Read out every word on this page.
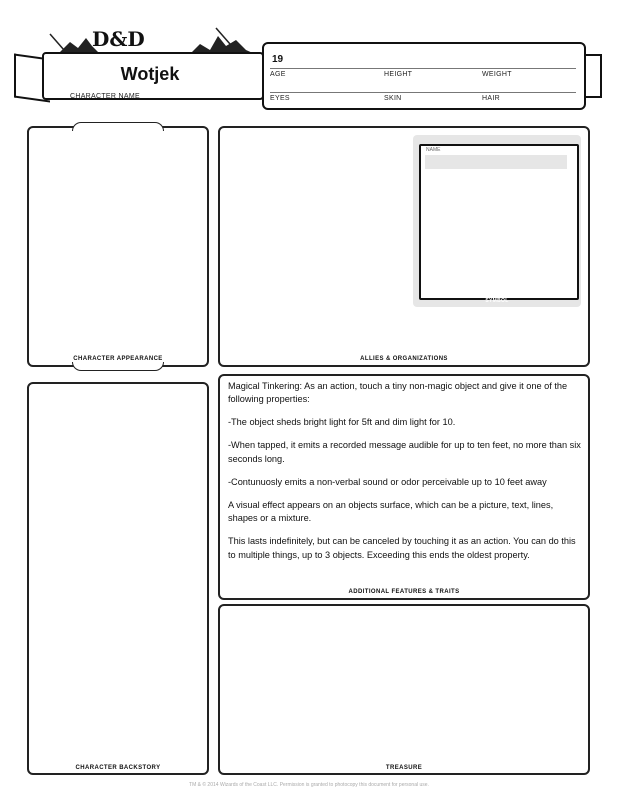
D&D
Wotjek
CHARACTER NAME
19
AGE	HEIGHT	WEIGHT
EYES	SKIN	HAIR
CHARACTER APPEARANCE	ALLIES & ORGANIZATIONS
NAME
SYMBOL
CHARACTER BACKSTORY
ADDITIONAL FEATURES & TRAITS

Magical Tinkering: As an action, touch a tiny non-magic object and give it one of the following properties:

-The object sheds bright light for 5ft and dim light for 10.

-When tapped, it emits a recorded message audible for up to ten feet, no more than six seconds long.

-Contunuosly emits a non-verbal sound or odor perceivable up to 10 feet away

A visual effect appears on an objects surface, which can be a picture, text, lines, shapes or a mixture.

This lasts indefinitely, but can be canceled by touching it as an action. You can do this to multiple things, up to 3 objects. Exceeding this ends the oldest property.

TREASURE
TM & © 2014 Wizards of the Coast LLC. Permission is granted to photocopy this document for personal use.
